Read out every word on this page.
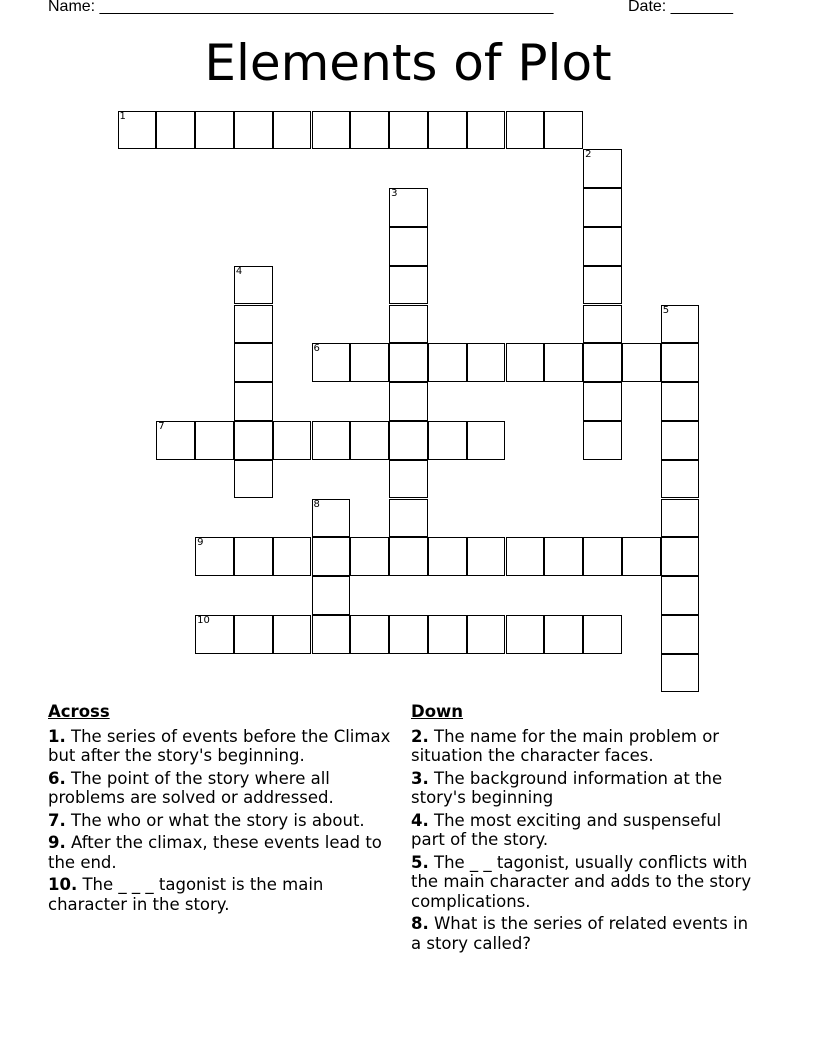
Name: ___________________________________________________	Date: _______
Elements of Plot
1
2
3
4
5
6
7
8
9
10
Across
1. The series of events before the Climax but after the story's beginning.
6. The point of the story where all problems are solved or addressed.
7. The who or what the story is about.
9. After the climax, these events lead to the end.
10. The _ _ _ tagonist is the main character in the story.
Down
2. The name for the main problem or situation the character faces.
3. The background information at the story's beginning
4. The most exciting and suspenseful part of the story.
5. The _ _ tagonist, usually conflicts with the main character and adds to the story complications.
8. What is the series of related events in a story called?
